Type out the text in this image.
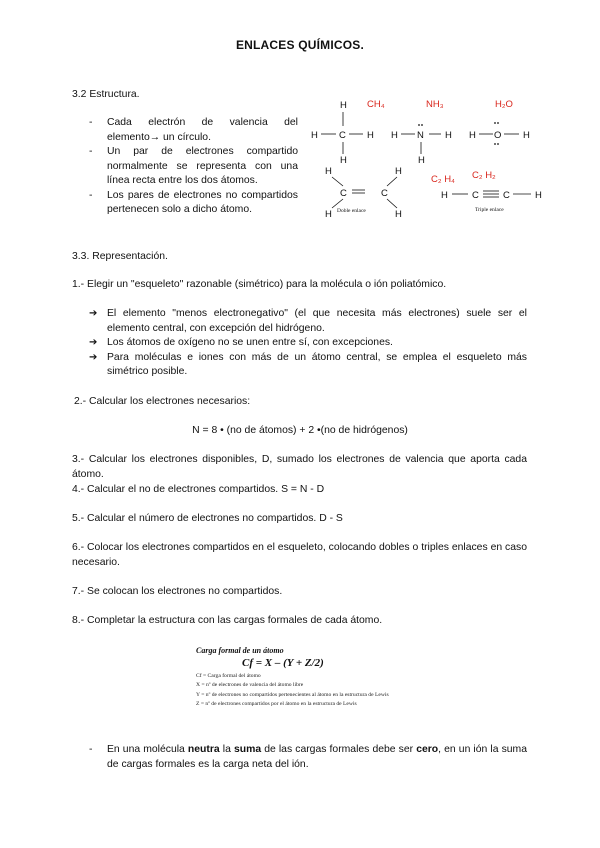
ENLACES QUÍMICOS.
3.2 Estructura.
- Cada electrón de valencia del elemento→ un círculo.
- Un par de electrones compartido normalmente se representa con una línea recta entre los dos átomos.
- Los pares de electrones no compartidos pertenecen solo a dicho átomo.
H
H C H
H
H N H
H
H O H
H	H
C	C
H	H
Doble enlace
H	C	C	H
Triple enlace
CH₄	NH₃	H₂O
C₂ H₄ C₂ H₂
3.3. Representación.
1.- Elegir un "esqueleto" razonable (simétrico) para la molécula o ión poliatómico.
➔ El elemento "menos electronegativo" (el que necesita más electrones) suele ser el elemento central, con excepción del hidrógeno.
➔ Los átomos de oxígeno no se unen entre sí, con excepciones.
➔ Para moléculas e iones con más de un átomo central, se emplea el esqueleto más simétrico posible.
2.- Calcular los electrones necesarios:
N = 8 • (no de átomos) + 2 •(no de hidrógenos)
3.- Calcular los electrones disponibles, D, sumado los electrones de valencia que aporta cada átomo.
4.- Calcular el no de electrones compartidos. S = N - D
5.- Calcular el número de electrones no compartidos. D - S
6.- Colocar los electrones compartidos en el esqueleto, colocando dobles o triples enlaces en caso necesario.
7.- Se colocan los electrones no compartidos.
8.- Completar la estructura con las cargas formales de cada átomo.
Carga formal de un átomo
Cf = X – (Y + Z/2)
Cf = Carga formal del átomo
X = nº de electrones de valencia del átomo libre
Y = nº de electrones no compartidos pertenecientes al átomo en la estructura de Lewis
Z = nº de electrones compartidos por el átomo en la estructura de Lewis
- En una molécula neutra la suma de las cargas formales debe ser cero, en un ión la suma de cargas formales es la carga neta del ión.
